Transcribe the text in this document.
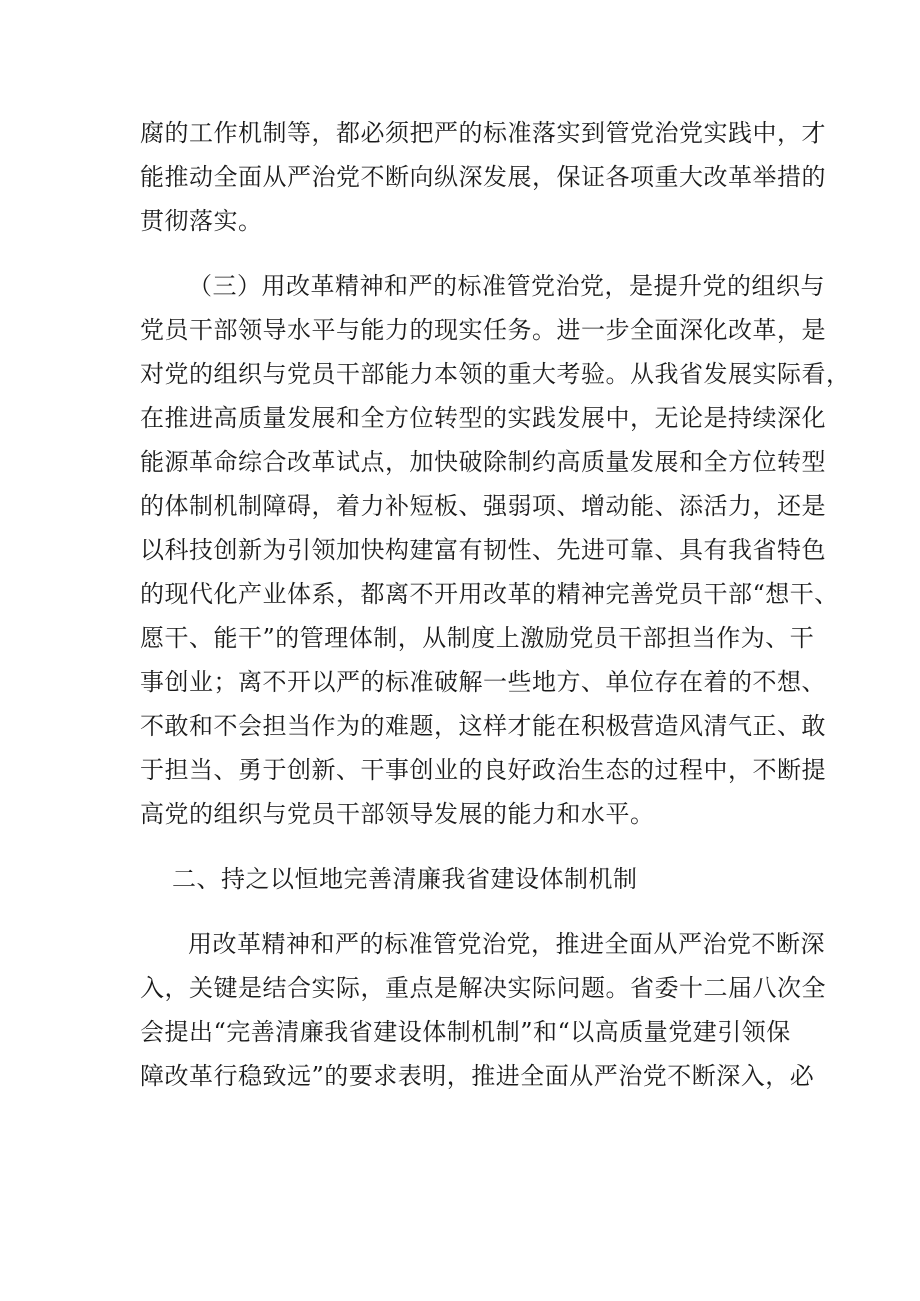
腐的工作机制等，都必须把严的标准落实到管党治党实践中，才
能推动全面从严治党不断向纵深发展，保证各项重大改革举措的
贯彻落实。
（三）用改革精神和严的标准管党治党，是提升党的组织与
党员干部领导水平与能力的现实任务。进一步全面深化改革，是
对党的组织与党员干部能力本领的重大考验。从我省发展实际看，
在推进高质量发展和全方位转型的实践发展中，无论是持续深化
能源革命综合改革试点，加快破除制约高质量发展和全方位转型
的体制机制障碍，着力补短板、强弱项、增动能、添活力，还是
以科技创新为引领加快构建富有韧性、先进可靠、具有我省特色
的现代化产业体系，都离不开用改革的精神完善党员干部“想干、
愿干、能干”的管理体制，从制度上激励党员干部担当作为、干
事创业；离不开以严的标准破解一些地方、单位存在着的不想、
不敢和不会担当作为的难题，这样才能在积极营造风清气正、敢
于担当、勇于创新、干事创业的良好政治生态的过程中，不断提
高党的组织与党员干部领导发展的能力和水平。
二、持之以恒地完善清廉我省建设体制机制
用改革精神和严的标准管党治党，推进全面从严治党不断深
入，关键是结合实际，重点是解决实际问题。省委十二届八次全
会提出“完善清廉我省建设体制机制”和“以高质量党建引领保
障改革行稳致远”的要求表明，推进全面从严治党不断深入，必
